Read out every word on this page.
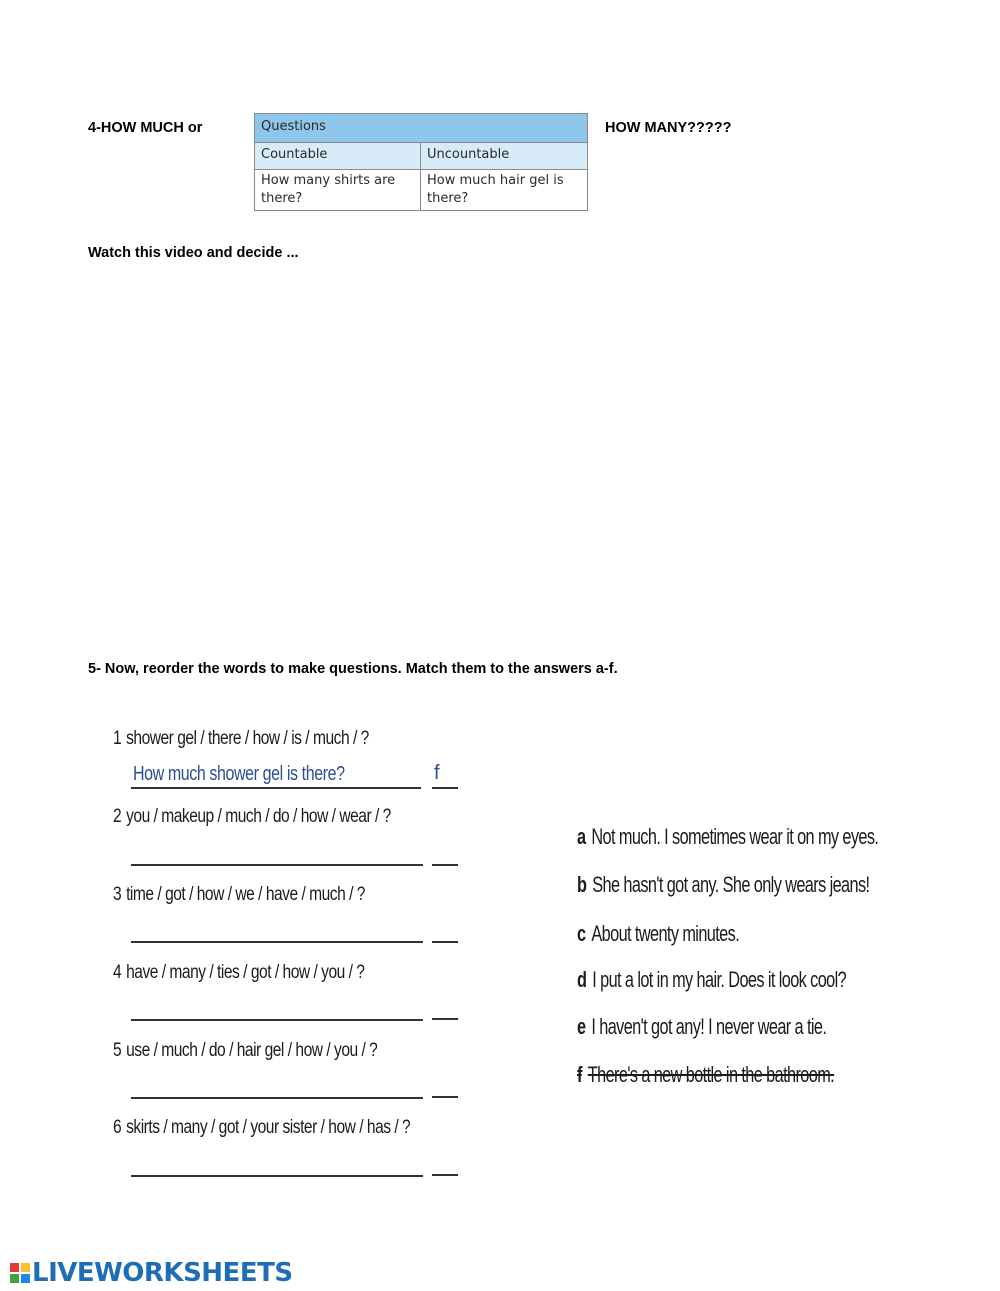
4-HOW MUCH or	HOW MANY?????
Questions	
Countable	Uncountable
How many shirts are there?	How much hair gel is there?
Watch this video and decide ...
5- Now, reorder the words to make questions. Match them to the answers a-f.
1 shower gel / there / how / is / much / ?
How much shower gel is there?	f
2 you / makeup / much / do / how / wear / ?
3 time / got / how / we / have / much / ?
4 have / many / ties / got / how / you / ?
5 use / much / do / hair gel / how / you / ?
6 skirts / many / got / your sister / how / has / ?
a Not much. I sometimes wear it on my eyes.
b She hasn't got any. She only wears jeans!
c About twenty minutes.
d I put a lot in my hair. Does it look cool?
e I haven't got any! I never wear a tie.
f There's a new bottle in the bathroom.
LIVEWORKSHEETS
